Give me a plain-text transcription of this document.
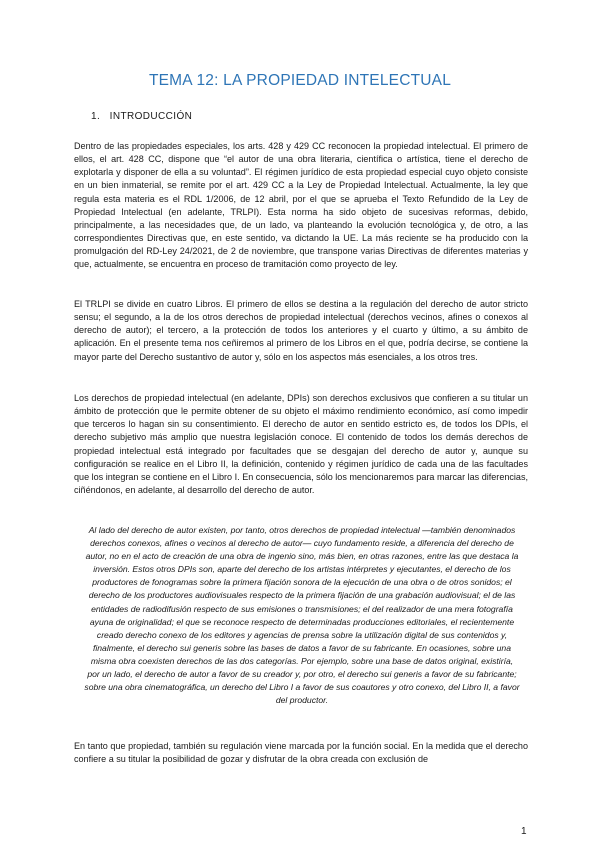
TEMA 12: LA PROPIEDAD INTELECTUAL
1.   INTRODUCCIÓN

Dentro de las propiedades especiales, los arts. 428 y 429 CC reconocen la propiedad intelectual. El primero de ellos, el art. 428 CC, dispone que “el autor de una obra literaria, científica o artística, tiene el derecho de explotarla y disponer de ella a su voluntad”. El régimen jurídico de esta propiedad especial cuyo objeto consiste en un bien inmaterial, se remite por el art. 429 CC a la Ley de Propiedad Intelectual. Actualmente, la ley que regula esta materia es el RDL 1/2006, de 12 abril, por el que se aprueba el Texto Refundido de la Ley de Propiedad Intelectual (en adelante, TRLPI). Esta norma ha sido objeto de sucesivas reformas, debido, principalmente, a las necesidades que, de un lado, va planteando la evolución tecnológica y, de otro, a las correspondientes Directivas que, en este sentido, va dictando la UE. La más reciente se ha producido con la promulgación del RD-Ley 24/2021, de 2 de noviembre, que transpone varias Directivas de diferentes materias y que, actualmente, se encuentra en proceso de tramitación como proyecto de ley.

El TRLPI se divide en cuatro Libros. El primero de ellos se destina a la regulación del derecho de autor stricto sensu; el segundo, a la de los otros derechos de propiedad intelectual (derechos vecinos, afines o conexos al derecho de autor); el tercero, a la protección de todos los anteriores y el cuarto y último, a su ámbito de aplicación. En el presente tema nos ceñiremos al primero de los Libros en el que, podría decirse, se contiene la mayor parte del Derecho sustantivo de autor y, sólo en los aspectos más esenciales, a los otros tres.

Los derechos de propiedad intelectual (en adelante, DPIs) son derechos exclusivos que confieren a su titular un ámbito de protección que le permite obtener de su objeto el máximo rendimiento económico, así como impedir que terceros lo hagan sin su consentimiento. El derecho de autor en sentido estricto es, de todos los DPIs, el derecho subjetivo más amplio que nuestra legislación conoce. El contenido de todos los demás derechos de propiedad intelectual está integrado por facultades que se desgajan del derecho de autor y, aunque su configuración se realice en el Libro II, la definición, contenido y régimen jurídico de cada una de las facultades que los integran se contiene en el Libro I. En consecuencia, sólo los mencionaremos para marcar las diferencias, ciñéndonos, en adelante, al desarrollo del derecho de autor.

Al lado del derecho de autor existen, por tanto, otros derechos de propiedad intelectual —también denominados derechos conexos, afines o vecinos al derecho de autor— cuyo fundamento reside, a diferencia del derecho de autor, no en el acto de creación de una obra de ingenio sino, más bien, en otras razones, entre las que destaca la inversión. Estos otros DPIs son, aparte del derecho de los artistas intérpretes y ejecutantes, el derecho de los productores de fonogramas sobre la primera fijación sonora de la ejecución de una obra o de otros sonidos; el derecho de los productores audiovisuales respecto de la primera fijación de una grabación audiovisual; el de las entidades de radiodifusión respecto de sus emisiones o transmisiones; el del realizador de una mera fotografía ayuna de originalidad; el que se reconoce respecto de determinadas producciones editoriales, el recientemente creado derecho conexo de los editores y agencias de prensa sobre la utilización digital de sus contenidos y, finalmente, el derecho sui generis sobre las bases de datos a favor de su fabricante. En ocasiones, sobre una misma obra coexisten derechos de las dos categorías. Por ejemplo, sobre una base de datos original, existiría, por un lado, el derecho de autor a favor de su creador y, por otro, el derecho sui generis a favor de su fabricante; sobre una obra cinematográfica, un derecho del Libro I a favor de sus coautores y otro conexo, del Libro II, a favor del productor.

En tanto que propiedad, también su regulación viene marcada por la función social. En la medida que el derecho confiere a su titular la posibilidad de gozar y disfrutar de la obra creada con exclusión de

1
